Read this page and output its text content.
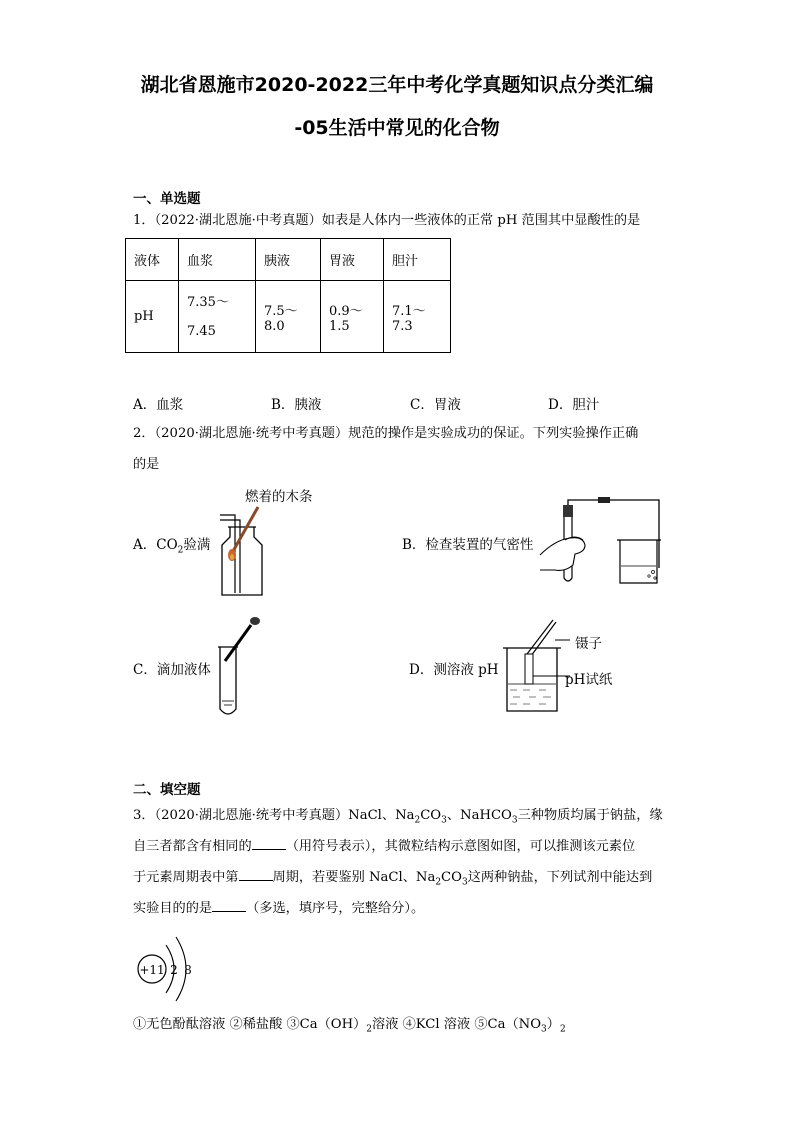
湖北省恩施市2020-2022三年中考化学真题知识点分类汇编
-05生活中常见的化合物
一、单选题
1．（2022·湖北恩施·中考真题）如表是人体内一些液体的正常 pH 范围其中显酸性的是
液体	血浆	胰液	胃液	胆汁
pH	7.35～
7.45	7.5～8.0	0.9～1.5	7.1～7.3
A．血浆	B．胰液	C．胃液	D．胆汁
2．（2020·湖北恩施·统考中考真题）规范的操作是实验成功的保证。下列实验操作正确
的是
燃着的木条
A．$CO_2$验满	B．检查装置的气密性
C．滴加液体	D．测溶液 pH
镊子
pH试纸
二、填空题
3．（2020·湖北恩施·统考中考真题）NaCl、$Na_2CO_3$、NaHCO$_3$三种物质均属于钠盐，缘
自三者都含有相同的	（用符号表示），其微粒结构示意图如图，可以推测该元素位
于元素周期表中第	周期，若要鉴别 NaCl、$Na_2CO_3$这两种钠盐，下列试剂中能达到
实验目的的是	（多选，填序号，完整给分）。
+11 2 8
①无色酚酞溶液 ②稀盐酸 $③Ca(OH)_2$溶液 ④KCl 溶液 $⑤Ca(NO_3)_2$
